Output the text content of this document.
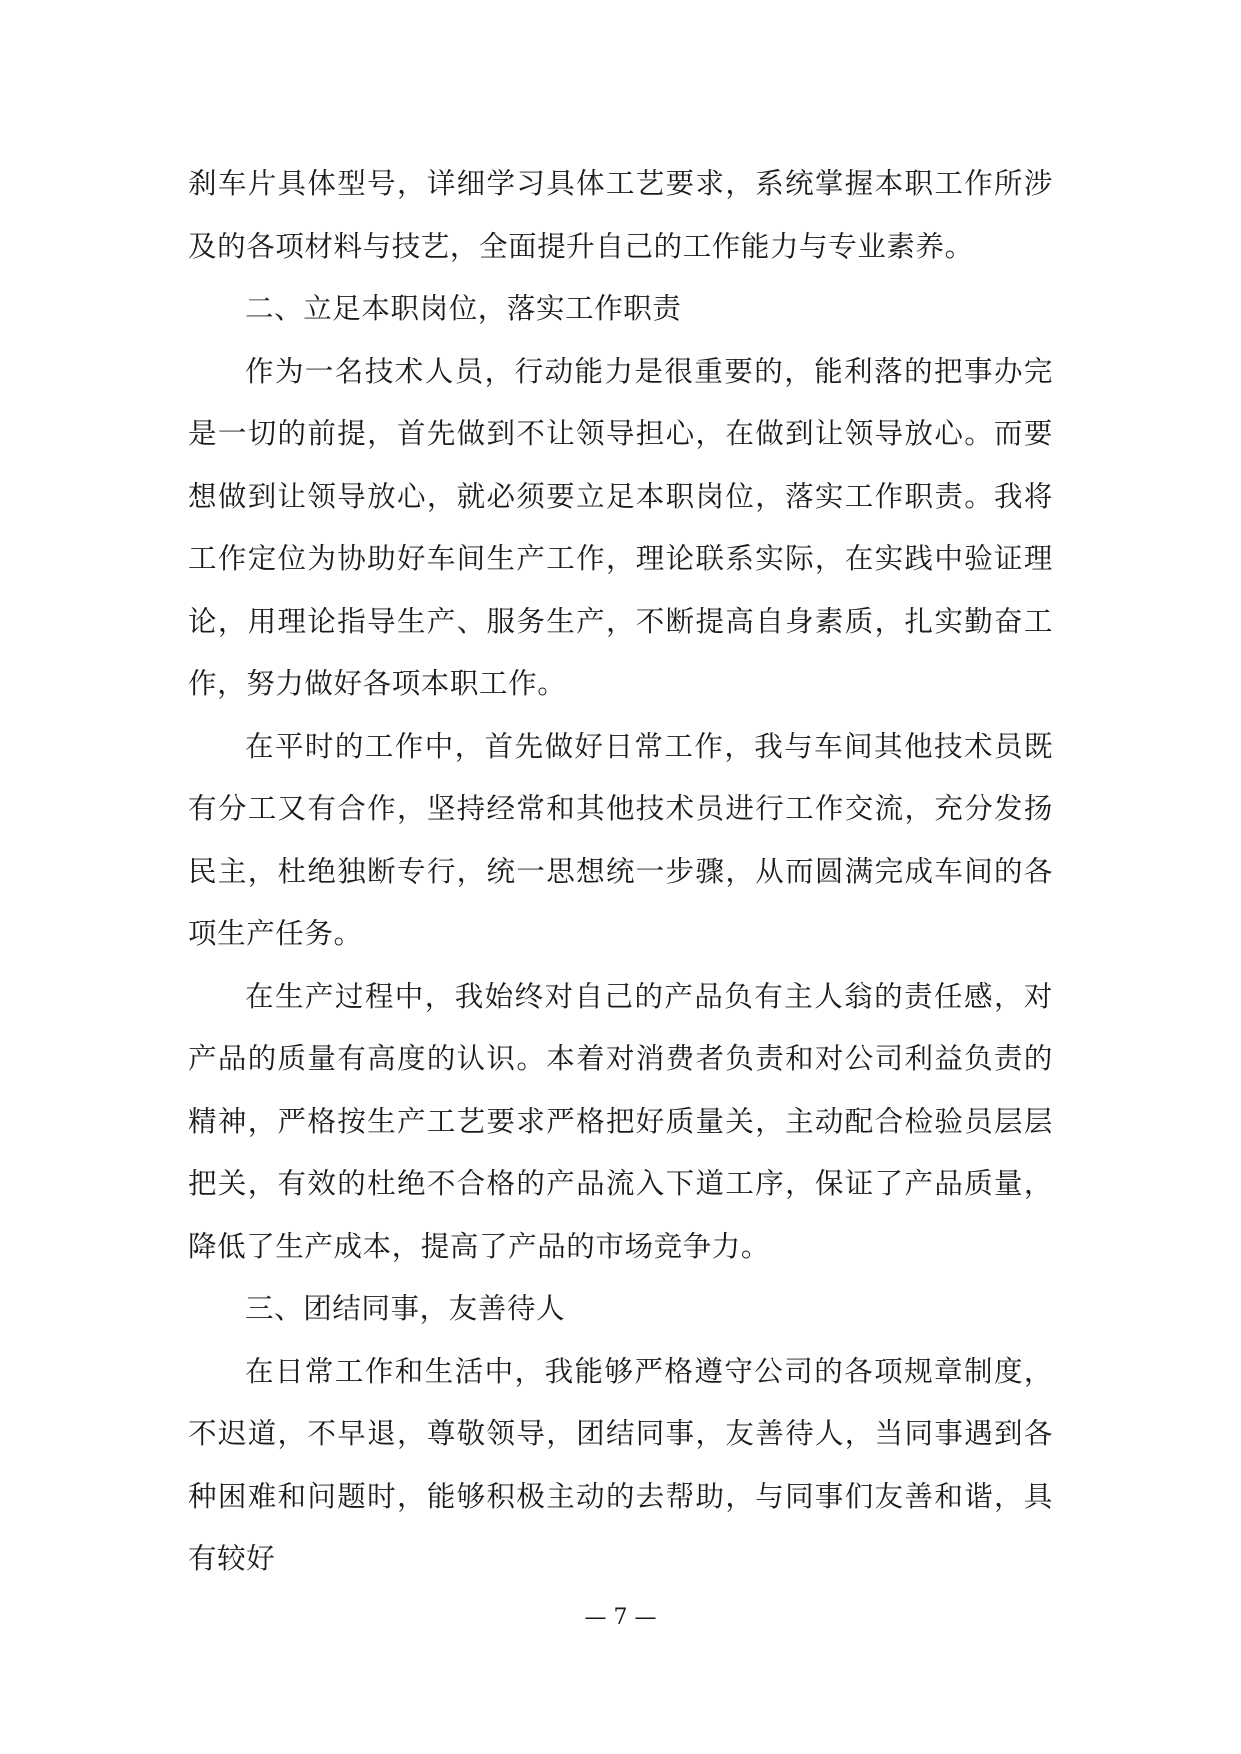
刹车片具体型号，详细学习具体工艺要求，系统掌握本职工作所涉及的各项材料与技艺，全面提升自己的工作能力与专业素养。

二、立足本职岗位，落实工作职责

作为一名技术人员，行动能力是很重要的，能利落的把事办完是一切的前提，首先做到不让领导担心，在做到让领导放心。而要想做到让领导放心，就必须要立足本职岗位，落实工作职责。我将工作定位为协助好车间生产工作，理论联系实际，在实践中验证理论，用理论指导生产、服务生产，不断提高自身素质，扎实勤奋工作，努力做好各项本职工作。

在平时的工作中，首先做好日常工作，我与车间其他技术员既有分工又有合作，坚持经常和其他技术员进行工作交流，充分发扬民主，杜绝独断专行，统一思想统一步骤，从而圆满完成车间的各项生产任务。

在生产过程中，我始终对自己的产品负有主人翁的责任感，对产品的质量有高度的认识。本着对消费者负责和对公司利益负责的精神，严格按生产工艺要求严格把好质量关，主动配合检验员层层把关，有效的杜绝不合格的产品流入下道工序，保证了产品质量，降低了生产成本，提高了产品的市场竞争力。

三、团结同事，友善待人

在日常工作和生活中，我能够严格遵守公司的各项规章制度，不迟道，不早退，尊敬领导，团结同事，友善待人，当同事遇到各种困难和问题时，能够积极主动的去帮助，与同事们友善和谐，具有较好

— 7 —
